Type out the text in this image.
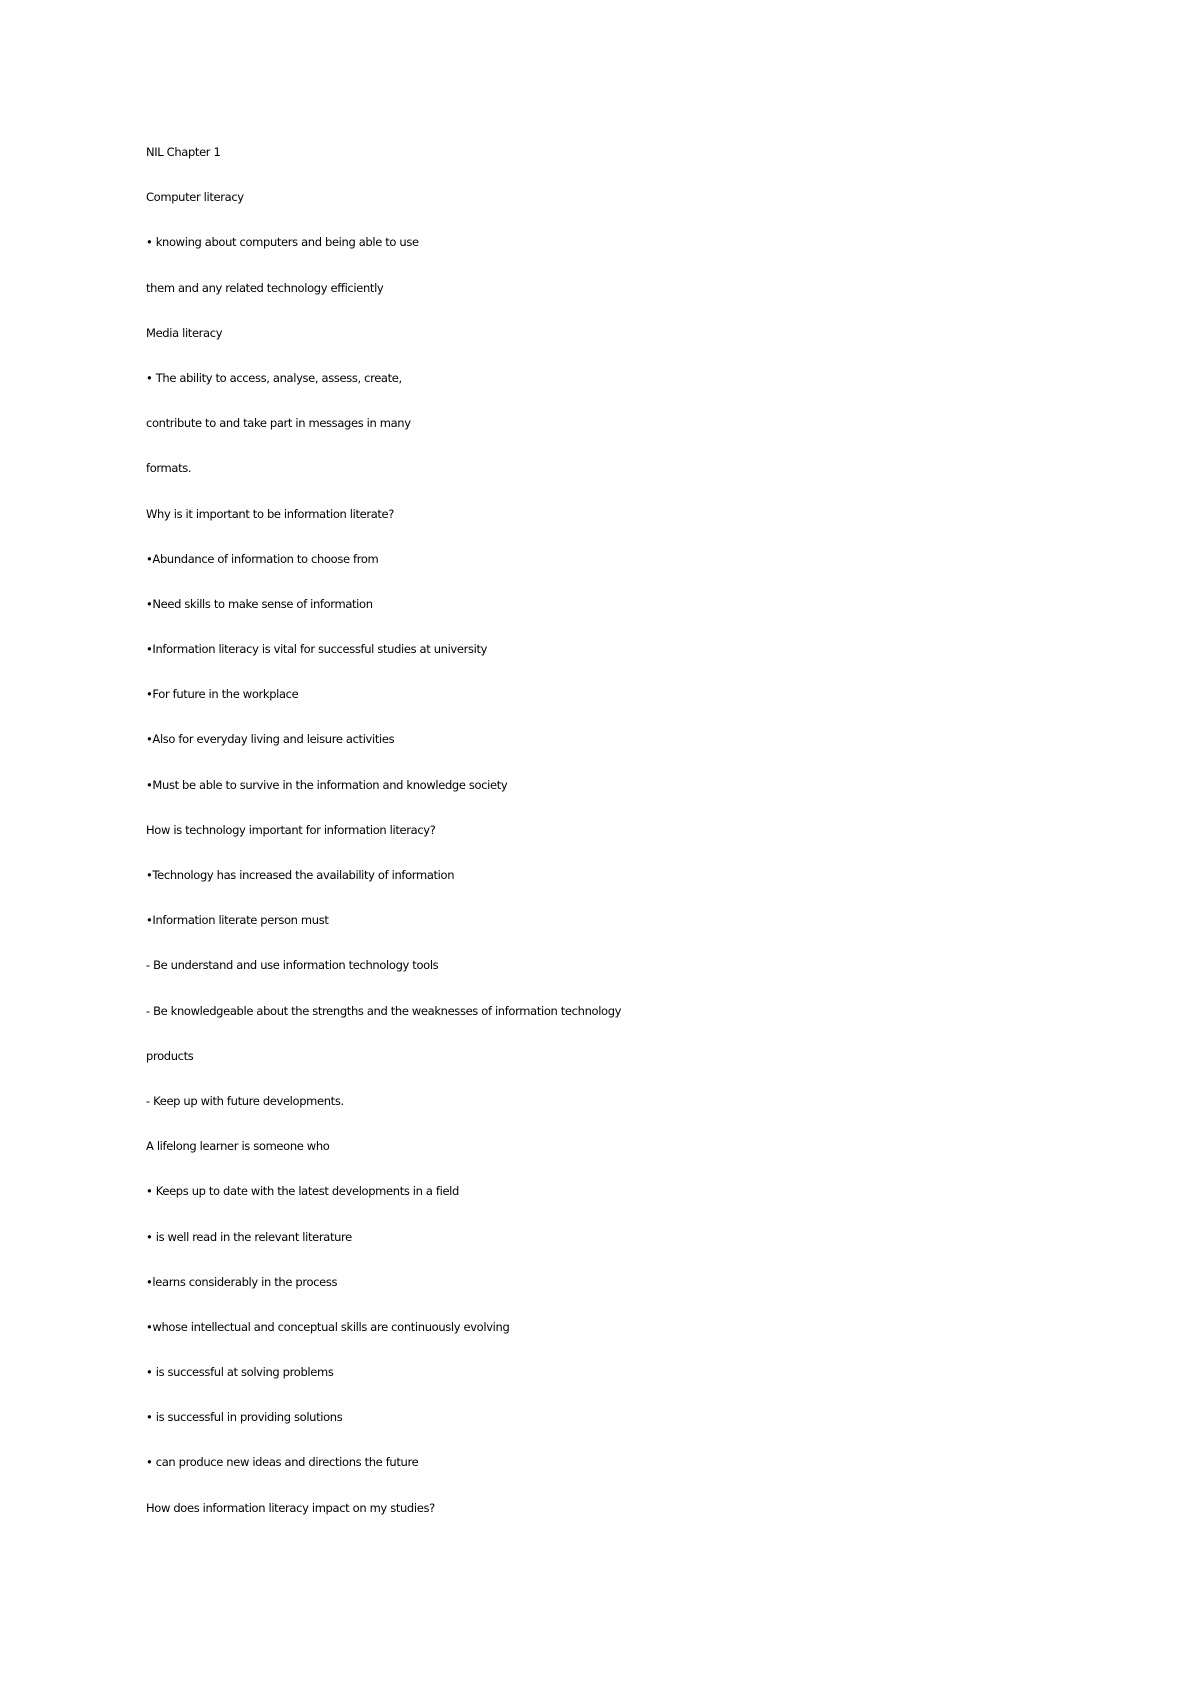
NIL Chapter 1

Computer literacy

• knowing about computers and being able to use

them and any related technology efficiently

Media literacy

• The ability to access, analyse, assess, create,

contribute to and take part in messages in many

formats.

Why is it important to be information literate?

•Abundance of information to choose from

•Need skills to make sense of information

•Information literacy is vital for successful studies at university

•For future in the workplace

•Also for everyday living and leisure activities

•Must be able to survive in the information and knowledge society

How is technology important for information literacy?

•Technology has increased the availability of information

•Information literate person must

- Be understand and use information technology tools

- Be knowledgeable about the strengths and the weaknesses of information technology

products

- Keep up with future developments.

A lifelong learner is someone who

• Keeps up to date with the latest developments in a field

• is well read in the relevant literature

•learns considerably in the process

•whose intellectual and conceptual skills are continuously evolving

• is successful at solving problems

• is successful in providing solutions

• can produce new ideas and directions the future

How does information literacy impact on my studies?
